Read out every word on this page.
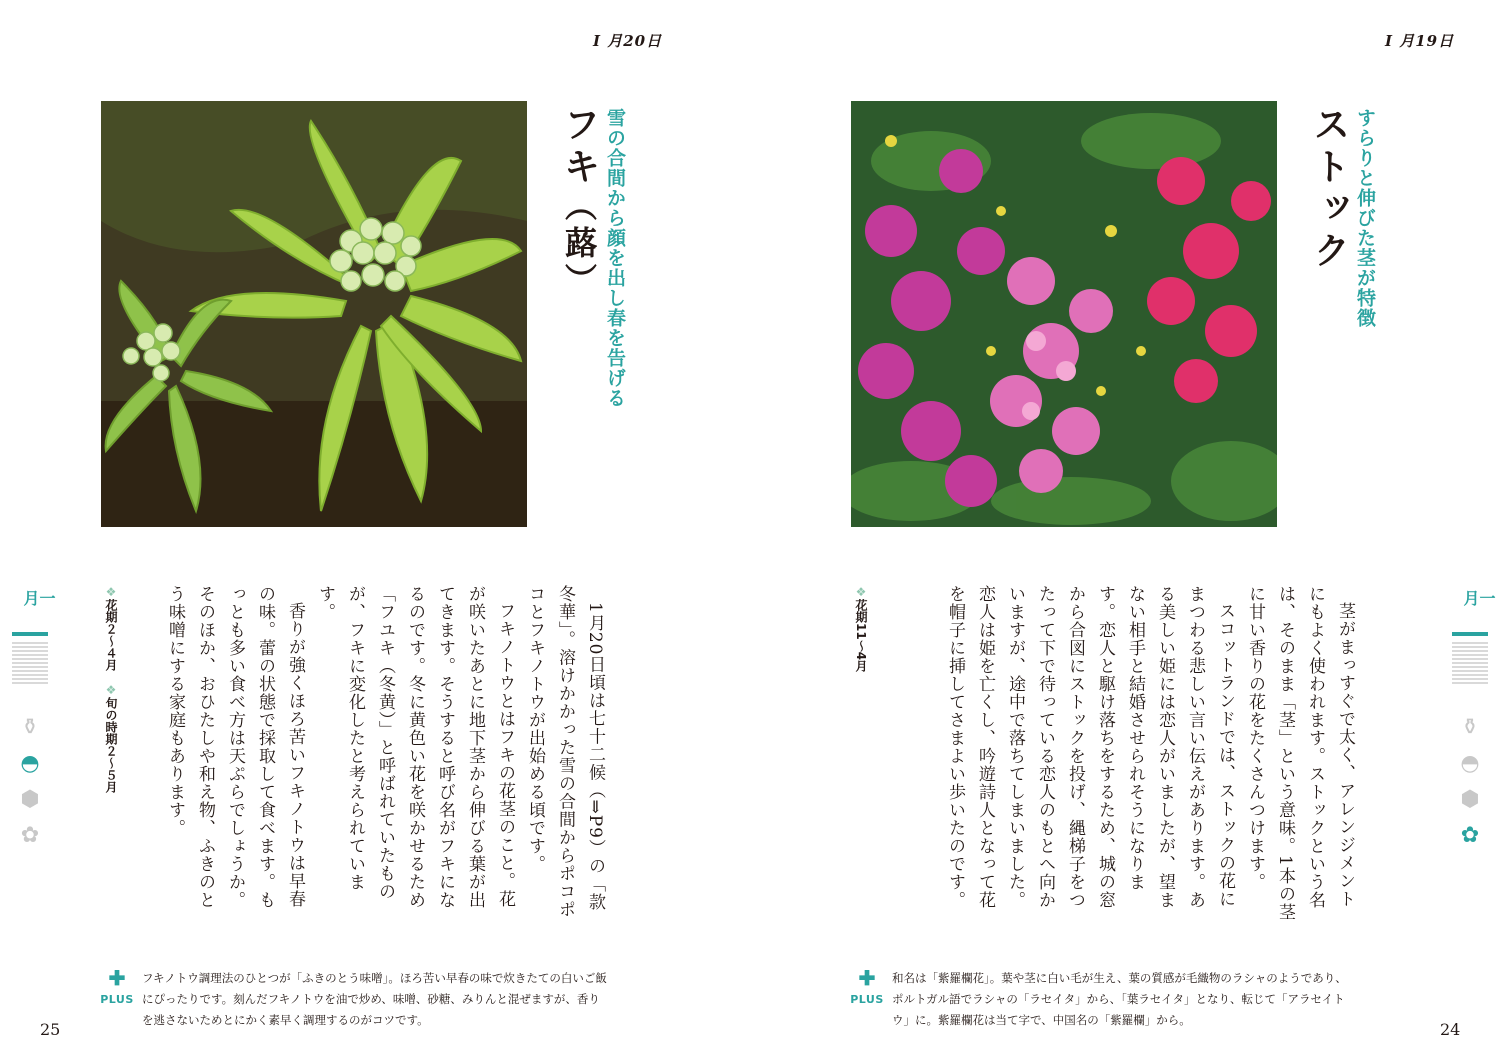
I 月20日
フキ（蕗） 雪の合間から顔を出し春を告げる

1月20日頃は七十二候（⇒P9）の「款冬華」。溶けかかった雪の合間からポコポコとフキノトウが出始める頃です。

フキノトウとはフキの花茎のこと。花が咲いたあとに地下茎から伸びる葉が出てきます。そうすると呼び名がフキになるのです。冬に黄色い花を咲かせるため「フユキ（冬黄）」と呼ばれていたものが、フキに変化したと考えられています。

香りが強くほろ苦いフキノトウは早春の味。蕾の状態で採取して食べます。もっとも多い食べ方は天ぷらでしょうか。そのほか、おひたしや和え物、ふきのとう味噌にする家庭もあります。

❖花期２～４月　❖旬の時期２～５月
✚
PLUS
フキノトウ調理法のひとつが「ふきのとう味噌」。ほろ苦い早春の味で炊きたての白いご飯にぴったりです。刻んだフキノトウを油で炒め、味噌、砂糖、みりんと混ぜますが、香りを逃さないためとにかく素早く調理するのがコツです。
25
一月
⚱
◓
⬢
✿
I 月19日
ストック すらりと伸びた茎が特徴

茎がまっすぐで太く、アレンジメントにもよく使われます。ストックという名は、そのまま「茎」という意味。1本の茎に甘い香りの花をたくさんつけます。

スコットランドでは、ストックの花にまつわる悲しい言い伝えがあります。ある美しい姫には恋人がいましたが、望まない相手と結婚させられそうになります。恋人と駆け落ちをするため、城の窓から合図にストックを投げ、縄梯子をつたって下で待っている恋人のもとへ向かいますが、途中で落ちてしまいました。恋人は姫を亡くし、吟遊詩人となって花を帽子に挿してさまよい歩いたのです。

❖花期11～4月
✚
PLUS
和名は「紫羅欄花」。葉や茎に白い毛が生え、葉の質感が毛織物のラシャのようであり、ポルトガル語でラシャの「ラセイタ」から、「葉ラセイタ」となり、転じて「アラセイトウ」に。紫羅欄花は当て字で、中国名の「紫羅欄」から。	24
一月
⚱
◓
⬢
✿
